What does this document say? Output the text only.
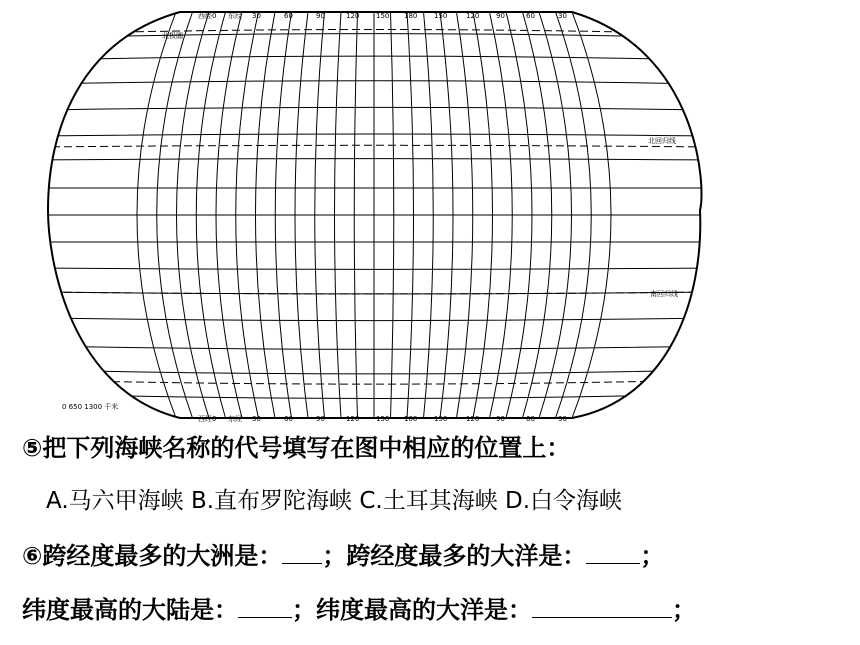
西经 0 东经 30	60	90	120 150 180 150	120 90	60	30
西经 0 东经 30	60	90	120 150 180 150	120 90	60	30
北极圈
北回归线
南回归线
0 650 1300 千米
⑤把下列海峡名称的代号填写在图中相应的位置上：
A.马六甲海峡 B.直布罗陀海峡 C.土耳其海峡 D.白令海峡
⑥跨经度最多的大洲是： ；跨经度最多的大洋是： ；
纬度最高的大陆是： ；纬度最高的大洋是：	；
